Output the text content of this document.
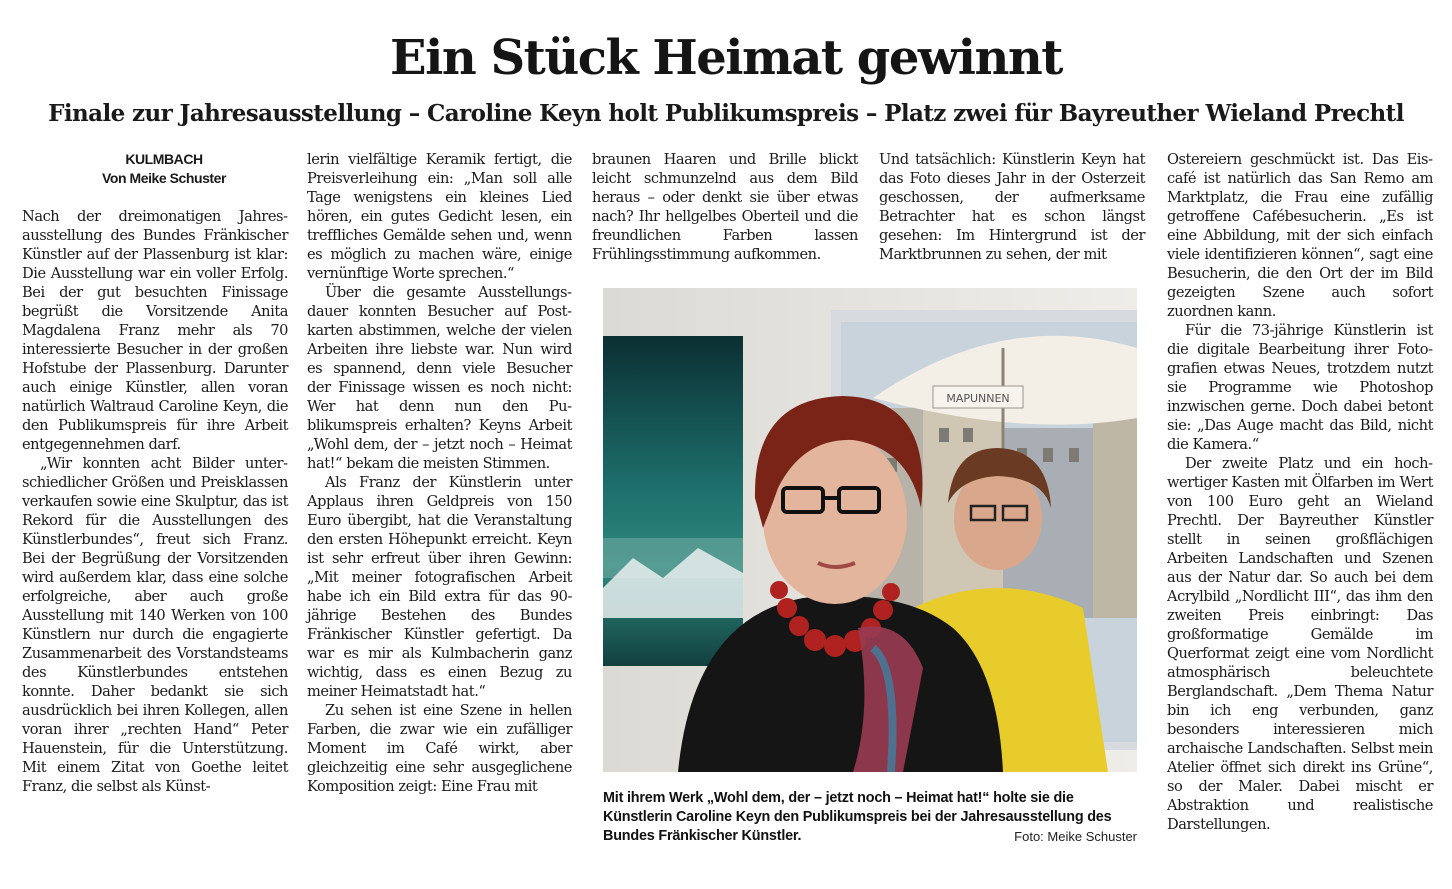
Ein Stück Heimat gewinnt
Finale zur Jahresausstellung – Caroline Keyn holt Publikumspreis – Platz zwei für Bayreuther Wieland Prechtl

KULMBACH

Von Meike Schuster

Nach der dreimonatigen Jahresausstellung des Bundes Fränkischer Künstler auf der Plassenburg ist klar: Die Ausstellung war ein voller Erfolg. Bei der gut besuchten Finissage begrüßt die Vorsitzende Anita Magdalena Franz mehr als 70 interessierte Besucher in der großen Hofstube der Plassenburg. Darunter auch einige Künstler, allen voran natürlich Waltraud Caroline Keyn, die den Publikumspreis für ihre Arbeit entgegennehmen darf.

„Wir konnten acht Bilder unterschiedlicher Größen und Preisklassen verkaufen sowie eine Skulptur, das ist Rekord für die Ausstellungen des Künstlerbundes“, freut sich Franz. Bei der Begrüßung der Vorsitzenden wird außerdem klar, dass eine solche erfolgreiche, aber auch große Ausstellung mit 140 Werken von 100 Künstlern nur durch die engagierte Zusammenarbeit des Vorstandsteams des Künstlerbundes entstehen konnte. Daher bedankt sie sich ausdrücklich bei ihren Kollegen, allen voran ihrer „rechten Hand“ Peter Hauenstein, für die Unterstützung. Mit einem Zitat von Goethe leitet Franz, die selbst als Künst-

lerin vielfältige Keramik fertigt, die Preisverleihung ein: „Man soll alle Tage wenigstens ein kleines Lied hören, ein gutes Gedicht lesen, ein treffliches Gemälde sehen und, wenn es möglich zu machen wäre, einige vernünftige Worte sprechen.“

Über die gesamte Ausstellungsdauer konnten Besucher auf Postkarten abstimmen, welche der vielen Arbeiten ihre liebste war. Nun wird es spannend, denn viele Besucher der Finissage wissen es noch nicht: Wer hat denn nun den Publikumspreis erhalten? Keyns Arbeit „Wohl dem, der – jetzt noch – Heimat hat!“ bekam die meisten Stimmen.

Als Franz der Künstlerin unter Applaus ihren Geldpreis von 150 Euro übergibt, hat die Veranstaltung den ersten Höhepunkt erreicht. Keyn ist sehr erfreut über ihren Gewinn: „Mit meiner fotografischen Arbeit habe ich ein Bild extra für das 90-jährige Bestehen des Bundes Fränkischer Künstler gefertigt. Da war es mir als Kulmbacherin ganz wichtig, dass es einen Bezug zu meiner Heimatstadt hat.“

Zu sehen ist eine Szene in hellen Farben, die zwar wie ein zufälliger Moment im Café wirkt, aber gleichzeitig eine sehr ausgeglichene Komposition zeigt: Eine Frau mit

braunen Haaren und Brille blickt leicht schmunzelnd aus dem Bild heraus – oder denkt sie über etwas nach? Ihr hellgelbes Oberteil und die freundlichen Farben lassen Frühlingsstimmung aufkommen.

Und tatsächlich: Künstlerin Keyn hat das Foto dieses Jahr in der Osterzeit geschossen, der aufmerksame Betrachter hat es schon längst gesehen: Im Hintergrund ist der Marktbrunnen zu sehen, der mit

Ostereiern geschmückt ist. Das Eiscafé ist natürlich das San Remo am Marktplatz, die Frau eine zufällig getroffene Cafébesucherin. „Es ist eine Abbildung, mit der sich einfach viele identifizieren können“, sagt eine Besucherin, die den Ort der im Bild gezeigten Szene auch sofort zuordnen kann.

Für die 73-jährige Künstlerin ist die digitale Bearbeitung ihrer Fotografien etwas Neues, trotzdem nutzt sie Programme wie Photoshop inzwischen gerne. Doch dabei betont sie: „Das Auge macht das Bild, nicht die Kamera.“

Der zweite Platz und ein hochwertiger Kasten mit Ölfarben im Wert von 100 Euro geht an Wieland Prechtl. Der Bayreuther Künstler stellt in seinen großflächigen Arbeiten Landschaften und Szenen aus der Natur dar. So auch bei dem Acrylbild „Nordlicht III“, das ihm den zweiten Preis einbringt: Das großformatige Gemälde im Querformat zeigt eine vom Nordlicht atmosphärisch beleuchtete Berglandschaft. „Dem Thema Natur bin ich eng verbunden, ganz besonders interessieren mich archaische Landschaften. Selbst mein Atelier öffnet sich direkt ins Grüne“, so der Maler. Dabei mischt er Abstraktion und realistische Darstellungen.

MAPUNNEN

Mit ihrem Werk „Wohl dem, der – jetzt noch – Heimat hat!“ holte sie die Künstlerin Caroline Keyn den Publikumspreis bei der Jahresausstellung des Bundes Fränkischer Künstler.	Foto: Meike Schuster
